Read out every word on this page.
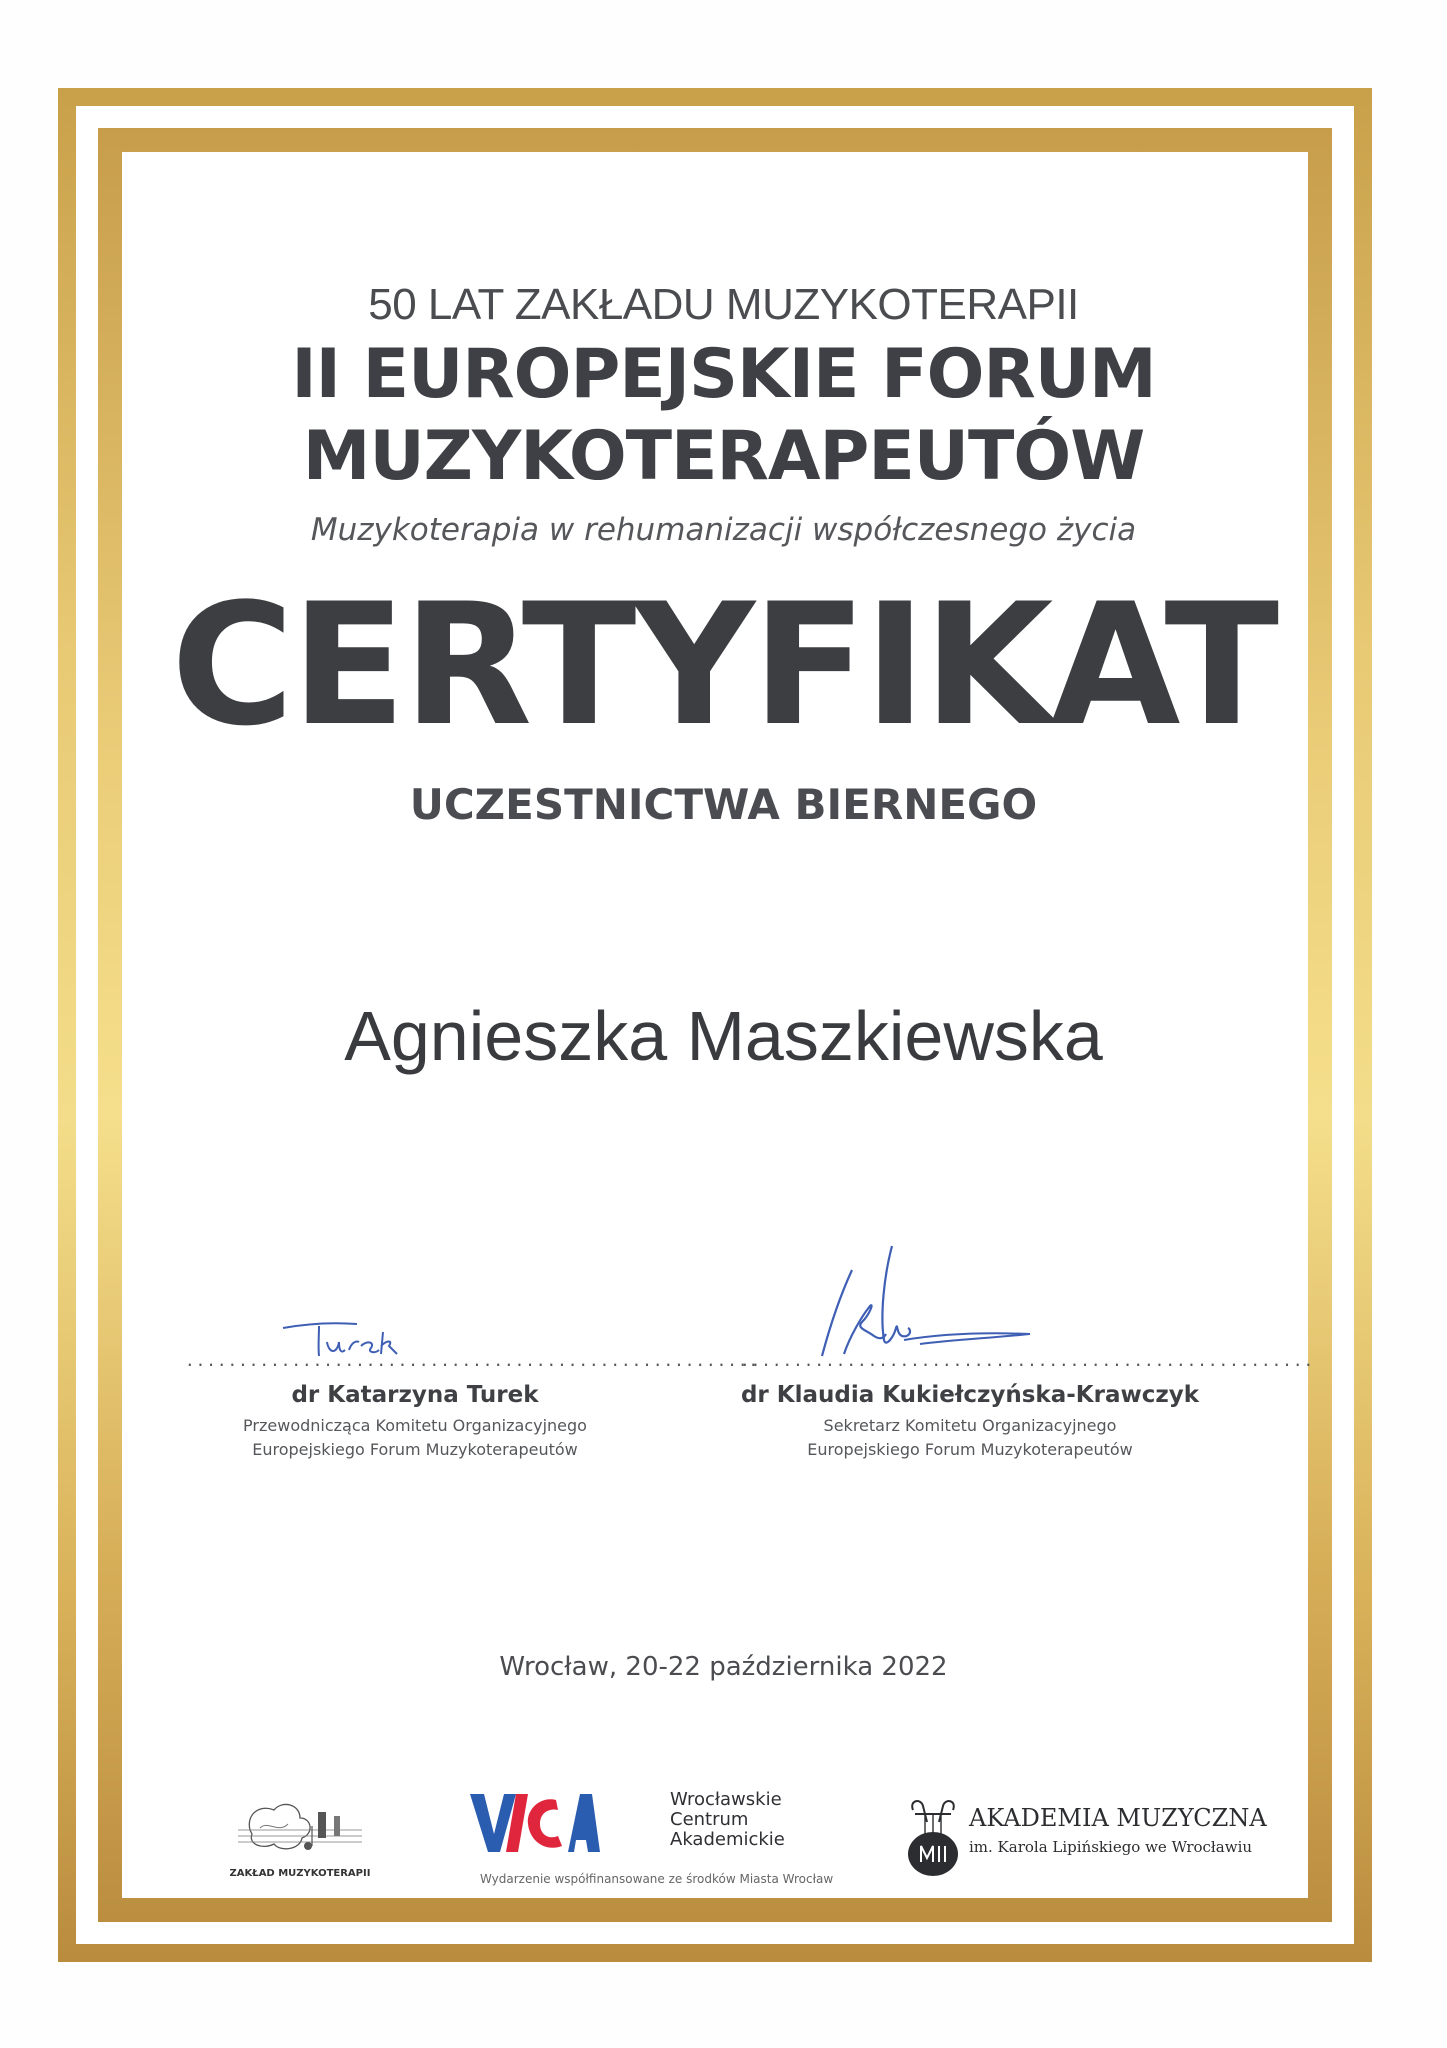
50 LAT ZAKŁADU MUZYKOTERAPII
II EUROPEJSKIE FORUM
MUZYKOTERAPEUTÓW
Muzykoterapia w rehumanizacji współczesnego życia
CERTYFIKAT
UCZESTNICTWA BIERNEGO
Agnieszka Maszkiewska
......................................................
dr Katarzyna Turek
Przewodnicząca Komitetu Organizacyjnego
Europejskiego Forum Muzykoterapeutów
......................................................
dr Klaudia Kukiełczyńska-Krawczyk
Sekretarz Komitetu Organizacyjnego
Europejskiego Forum Muzykoterapeutów
Wrocław, 20-22 października 2022
ZAKŁAD MUZYKOTERAPII
Wrocławskie
Centrum
Akademickie
Wydarzenie współfinansowane ze środków Miasta Wrocław
AKADEMIA MUZYCZNA
im. Karola Lipińskiego we Wrocławiu
